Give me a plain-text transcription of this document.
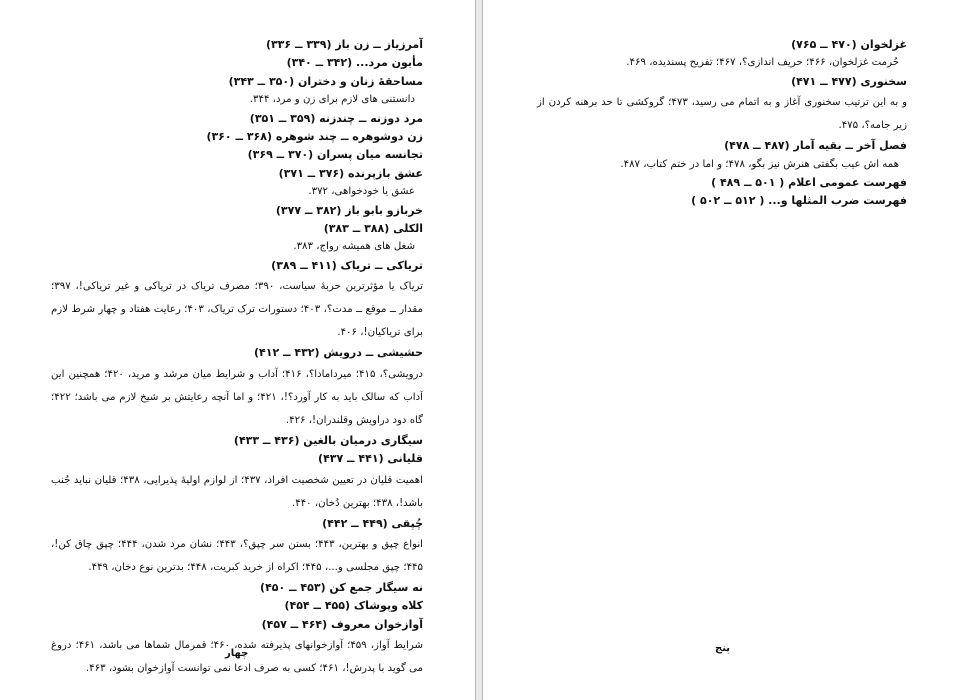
آمرزیاز ــ زن باز (۳۳۹ ــ ۳۳۶)
مأبون مرد... (۳۴۲ ــ ۳۴۰)
مساحقهٔ زنان و دختران (۳۵۰ ــ ۳۴۳)
دانستنی های لازم برای زن و مرد، ۳۴۴.
مرد دوزنه ــ چندزنه (۳۵۹ ــ ۳۵۱)
زن دوشوهره ــ چند شوهره (۳۶۸ ــ ۳۶۰)
تجانسه میان پسران (۳۷۰ ــ ۳۶۹)
عشق بازپرنده (۳۷۶ ــ ۳۷۱)
عشق یا خودخواهی، ۳۷۲.
خربازو بابو باز (۳۸۲ ــ ۳۷۷)
الکلی (۳۸۸ ــ ۳۸۳)
شغل های همیشه رواج، ۳۸۳.
تریاکی ــ تریاک (۴۱۱ ــ ۳۸۹)
تریاک یا مؤثرترین حربهٔ سیاست، ۳۹۰؛ مصرف تریاک در تریاکی و غیر تریاکی!، ۳۹۷؛ مقدار ــ موقع ــ مدت؟، ۴۰۳؛ دستورات ترک تریاک، ۴۰۳؛ رعایت هفتاد و چهار شرط لازم برای تریاکیان!، ۴۰۶.
حشیشی ــ درویش (۴۳۲ ــ ۴۱۲)
درویشی؟، ۴۱۵؛ میردامادا؟، ۴۱۶؛ آداب و شرایط میان مرشد و مرید، ۴۲۰؛ همچنین این آداب که سالک باید به کار آورد؟!، ۴۲۱؛ و اما آنچه رعایتش بر شیخ لازم می باشد؛ ۴۲۲؛ گاه دود دراویش وقلندران!، ۴۲۶.
سیگاری درمیان بالغین (۴۳۶ ــ ۴۳۳)
قلیانی (۴۴۱ ــ ۴۳۷)
اهمیت قلیان در تعیین شخصیت افراد، ۴۳۷؛ از لوازم اولیهٔ پذیرایی، ۴۳۸؛ قلیان نباید جُنب باشد!، ۴۳۸؛ بهترین دُخان، ۴۴۰.
چُپقی (۴۴۹ ــ ۴۴۲)
انواع چپق و بهترین، ۴۴۳؛ بستن سر چپق؟، ۴۴۳؛ نشان مرد شدن، ۴۴۴؛ چپق چاق کن!، ۴۴۵؛ چپق مجلسی و...، ۴۴۵؛ اکراه از خرید کبریت، ۴۴۸؛ بدترین نوع دخان، ۴۴۹.
نه سیگار جمع کن (۴۵۳ ــ ۴۵۰)
کلاه وپوشاک (۴۵۵ ــ ۴۵۴)
آوازخوان معروف (۴۶۴ ــ ۴۵۷)
شرایط آواز، ۴۵۹؛ آوازخوانهای پذیرفته شده، ۴۶۰؛ قمرمال شماها می باشد، ۴۶۱؛ دروغ می گوید با پدرش!، ۴۶۱؛ کسی به صرف ادعا نمی توانست آوازخوان بشود، ۴۶۳.
چهار
غزلخوان (۴۷۰ ــ ۷۶۵)
حُرمت غزلخوان، ۴۶۶؛ حریف اندازی؟، ۴۶۷؛ تفریح پسندیده، ۴۶۹.
سخنوری (۴۷۷ ــ ۴۷۱)
و به این ترتیب سخنوری آغاز و به اتمام می رسید، ۴۷۳؛ گروکشی تا حد برهنه کردن از زیر جامه؟، ۴۷۵.
فصل آخر ــ بقیه آمار (۴۸۷ ــ ۴۷۸)
همه اش عیب بگفتی هنرش نیز بگو، ۴۷۸؛ و اما در ختم کتاب، ۴۸۷.
فهرست عمومی اعلام ( ۵۰۱ ــ ۴۸۹ )
فهرست ضرب المثلها و... ( ۵۱۲ ــ ۵۰۲ )
پنج
